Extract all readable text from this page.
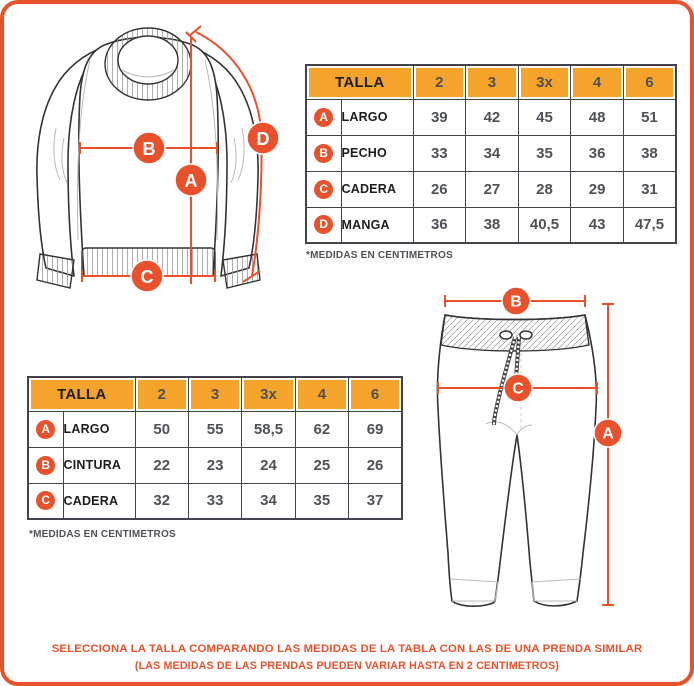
B
A
C
D
TALLA		2	3	3x	4	6
A	LARGO	39	42	45	48	51
B	PECHO	33	34	35	36	38
C	CADERA	26	27	28	29	31
D	MANGA	36	38	40,5	43	47,5
*MEDIDAS EN CENTIMETROS
TALLA		2	3	3x	4	6
A	LARGO	50	55	58,5	62	69
B	CINTURA	22	23	24	25	26
C	CADERA	32	33	34	35	37
*MEDIDAS EN CENTIMETROS
B
C
A
SELECCIONA LA TALLA COMPARANDO LAS MEDIDAS DE LA TABLA CON LAS DE UNA PRENDA SIMILAR
(LAS MEDIDAS DE LAS PRENDAS PUEDEN VARIAR HASTA EN 2 CENTIMETROS)
